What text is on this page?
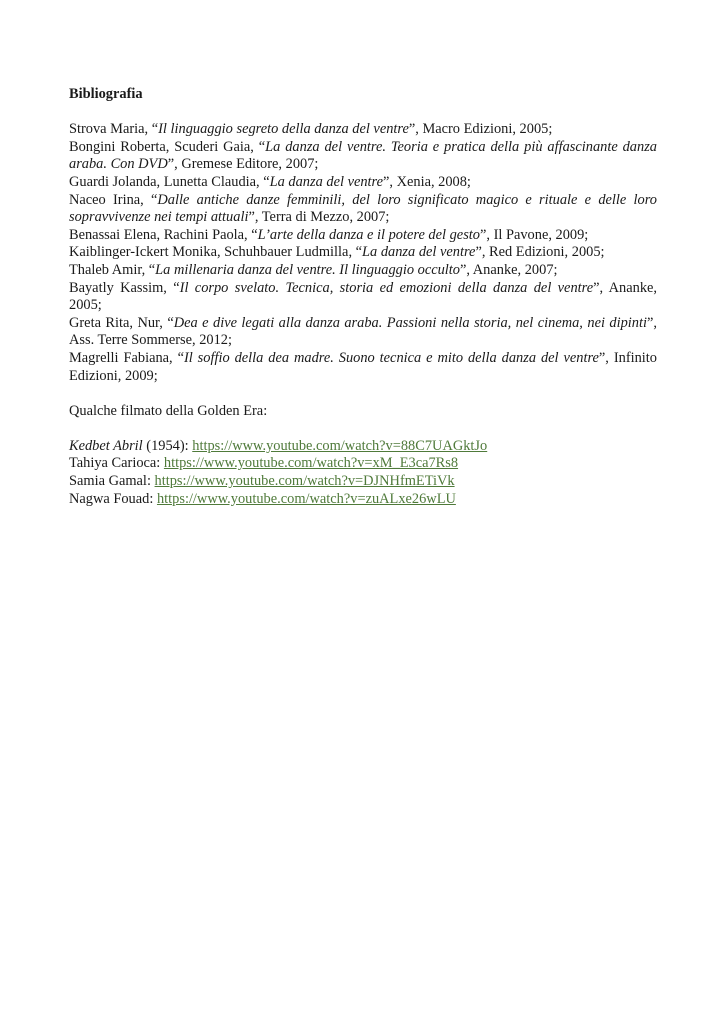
Bibliografia

Strova Maria, “Il linguaggio segreto della danza del ventre”, Macro Edizioni, 2005;

Bongini Roberta, Scuderi Gaia, “La danza del ventre. Teoria e pratica della più affascinante danza araba. Con DVD”, Gremese Editore, 2007;

Guardi Jolanda, Lunetta Claudia, “La danza del ventre”, Xenia, 2008;

Naceo Irina, “Dalle antiche danze femminili, del loro significato magico e rituale e delle loro sopravvivenze nei tempi attuali”, Terra di Mezzo, 2007;

Benassai Elena, Rachini Paola, “L’arte della danza e il potere del gesto”, Il Pavone, 2009;

Kaiblinger-Ickert Monika, Schuhbauer Ludmilla, “La danza del ventre”, Red Edizioni, 2005;

Thaleb Amir, “La millenaria danza del ventre. Il linguaggio occulto”, Ananke, 2007;

Bayatly Kassim, “Il corpo svelato. Tecnica, storia ed emozioni della danza del ventre”, Ananke, 2005;

Greta Rita, Nur, “Dea e dive legati alla danza araba. Passioni nella storia, nel cinema, nei dipinti”, Ass. Terre Sommerse, 2012;

Magrelli Fabiana, “Il soffio della dea madre. Suono tecnica e mito della danza del ventre”, Infinito Edizioni, 2009;

Qualche filmato della Golden Era:

Kedbet Abril (1954): https://www.youtube.com/watch?v=88C7UAGktJo

Tahiya Carioca: https://www.youtube.com/watch?v=xM_E3ca7Rs8

Samia Gamal: https://www.youtube.com/watch?v=DJNHfmETiVk

Nagwa Fouad: https://www.youtube.com/watch?v=zuALxe26wLU
